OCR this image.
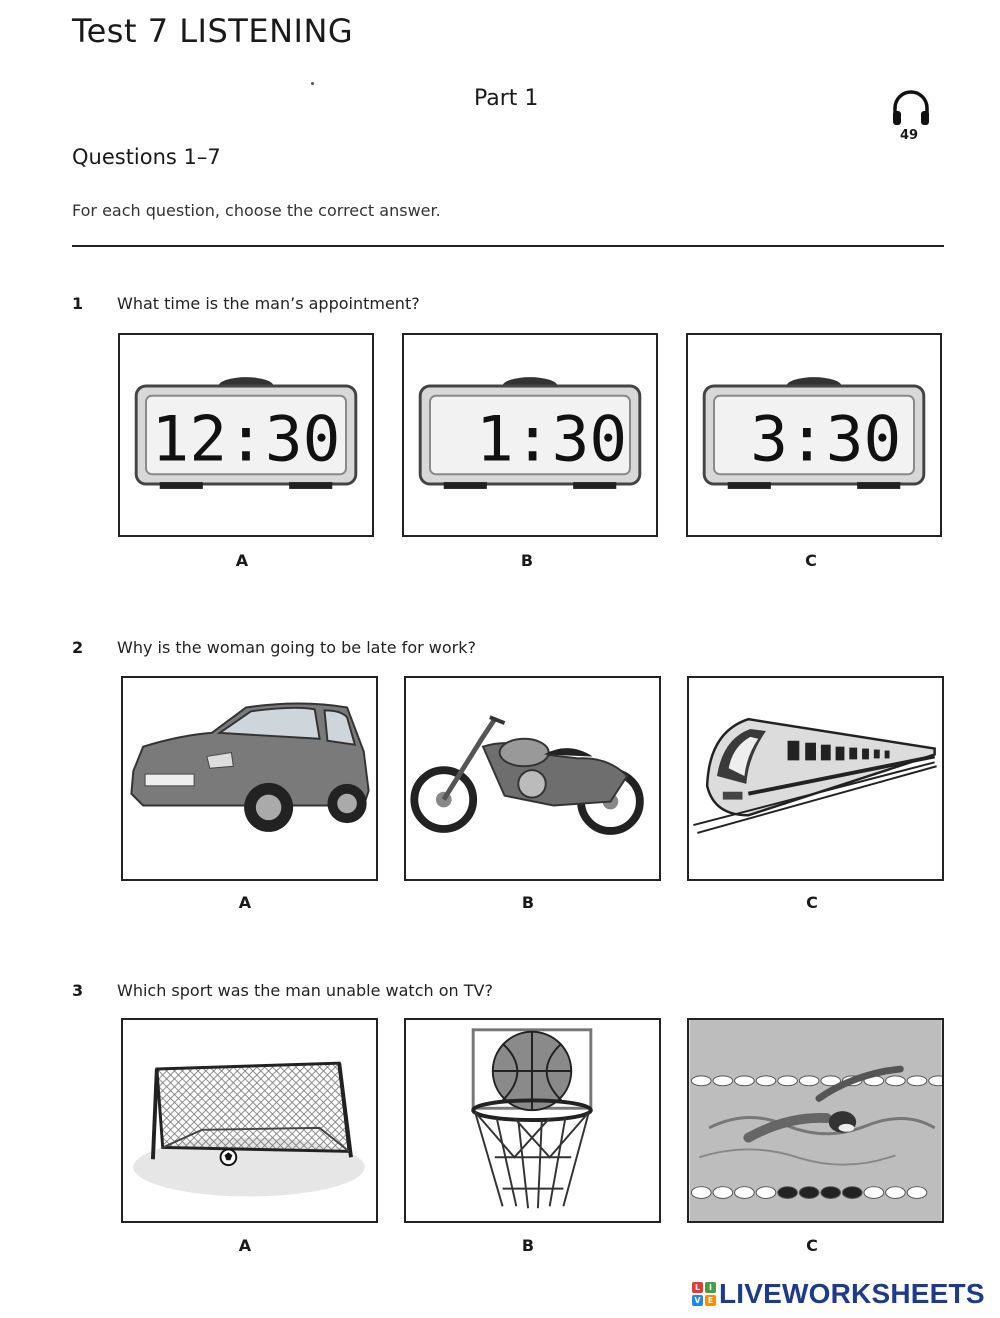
Test 7 LISTENING
Part 1
49
Questions 1–7
For each question, choose the correct answer.
1 What time is the man’s appointment?
12:30 1:30 3:30
A	B	C
2 Why is the woman going to be late for work?
A	B	C
3 Which sport was the man unable watch on TV?
A	B	C
L	I
V E LIVEWORKSHEETS
